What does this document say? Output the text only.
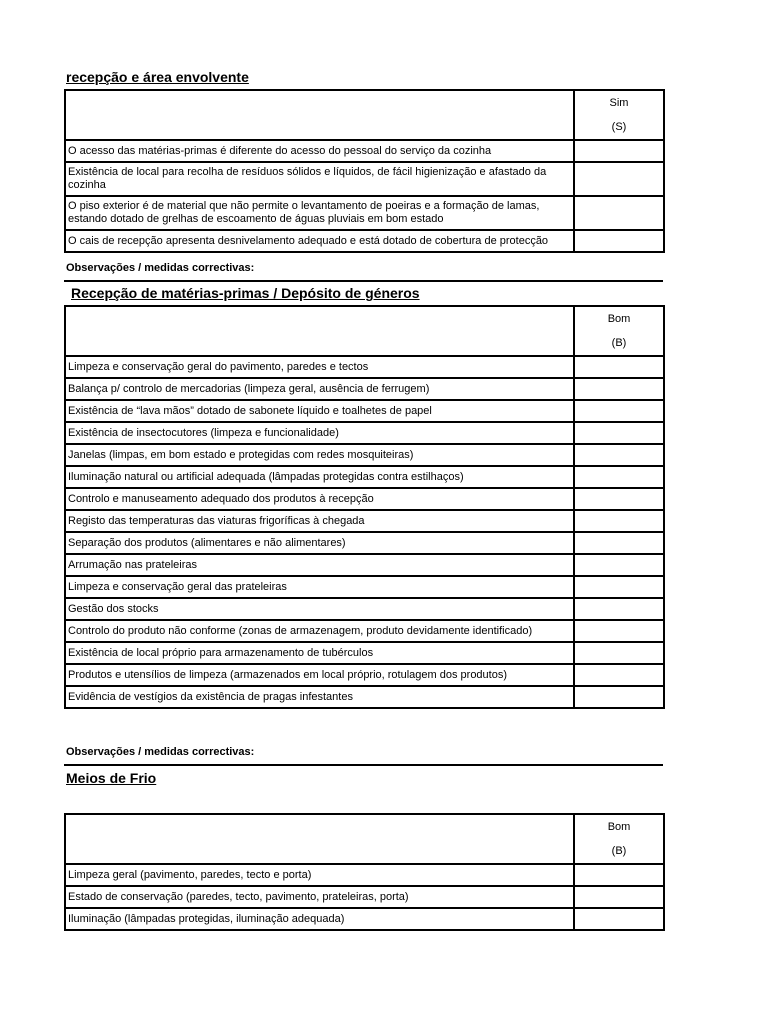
recepção e área envolvente

	Sim
(S)

O acesso das matérias-primas é diferente do acesso do pessoal do serviço da cozinha	
Existência de local para recolha de resíduos sólidos e líquidos, de fácil higienização e afastado da cozinha	
O piso exterior é de material que não permite o levantamento de poeiras e a formação de lamas, estando dotado de grelhas de escoamento de águas pluviais em bom estado	
O cais de recepção apresenta desnivelamento adequado e está dotado de cobertura de protecção	
Observações / medidas correctivas:
Recepção de matérias-primas / Depósito de géneros

	Bom
(B)

Limpeza e conservação geral do pavimento, paredes e tectos	
Balança p/ controlo de mercadorias (limpeza geral, ausência de ferrugem)	
Existência de “lava mãos” dotado de sabonete líquido e toalhetes de papel	
Existência de insectocutores (limpeza e funcionalidade)	
Janelas (limpas, em bom estado e protegidas com redes mosquiteiras)	
Iluminação natural ou artificial adequada (lâmpadas protegidas contra estilhaços)	
Controlo e manuseamento adequado dos produtos à recepção	
Registo das temperaturas das viaturas frigoríficas à chegada	
Separação dos produtos (alimentares e não alimentares)	
Arrumação nas prateleiras	
Limpeza e conservação geral das prateleiras	
Gestão dos stocks	
Controlo do produto não conforme (zonas de armazenagem, produto devidamente identificado)	
Existência de local próprio para armazenamento de tubérculos	
Produtos e utensílios de limpeza (armazenados em local próprio, rotulagem dos produtos)	
Evidência de vestígios da existência de pragas infestantes	
Observações / medidas correctivas:
Meios de Frio

	Bom
(B)

Limpeza geral (pavimento, paredes, tecto e porta)	
Estado de conservação (paredes, tecto, pavimento, prateleiras, porta)	
Iluminação (lâmpadas protegidas, iluminação adequada)	
